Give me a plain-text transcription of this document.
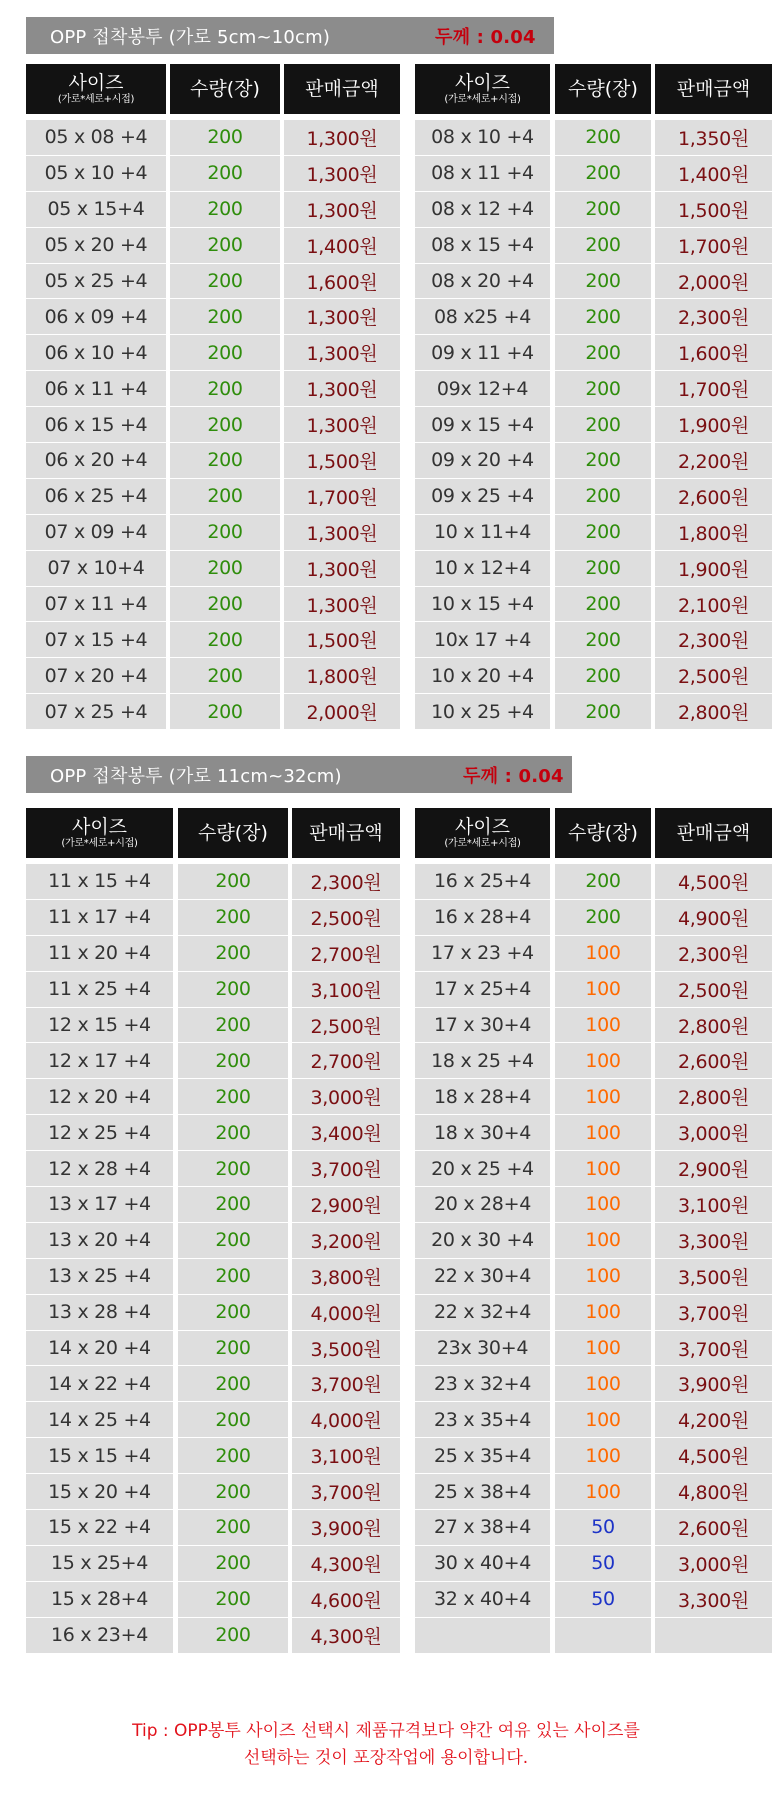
OPP 접착봉투 (가로 5cm~10cm)	두께 : 0.04
사이즈
(가로*세로+시접)
05 x 08 +4
05 x 10 +4
05 x 15+4
05 x 20 +4
05 x 25 +4
06 x 09 +4
06 x 10 +4
06 x 11 +4
06 x 15 +4
06 x 20 +4
06 x 25 +4
07 x 09 +4
07 x 10+4
07 x 11 +4
07 x 15 +4
07 x 20 +4
07 x 25 +4
수량(장)
200
200
200
200
200
200
200
200
200
200
200
200
200
200
200
200
200
판매금액
1,300원
1,300원
1,300원
1,400원
1,600원
1,300원
1,300원
1,300원
1,300원
1,500원
1,700원
1,300원
1,300원
1,300원
1,500원
1,800원
2,000원
사이즈
(가로*세로+시접)
08 x 10 +4
08 x 11 +4
08 x 12 +4
08 x 15 +4
08 x 20 +4
08 x25 +4
09 x 11 +4
09x 12+4
09 x 15 +4
09 x 20 +4
09 x 25 +4
10 x 11+4
10 x 12+4
10 x 15 +4
10x 17 +4
10 x 20 +4
10 x 25 +4
수량(장)
200
200
200
200
200
200
200
200
200
200
200
200
200
200
200
200
200
판매금액
1,350원
1,400원
1,500원
1,700원
2,000원
2,300원
1,600원
1,700원
1,900원
2,200원
2,600원
1,800원
1,900원
2,100원
2,300원
2,500원
2,800원
OPP 접착봉투 (가로 11cm~32cm)	두께 : 0.04
사이즈
(가로*세로+시접)
11 x 15 +4
11 x 17 +4
11 x 20 +4
11 x 25 +4
12 x 15 +4
12 x 17 +4
12 x 20 +4
12 x 25 +4
12 x 28 +4
13 x 17 +4
13 x 20 +4
13 x 25 +4
13 x 28 +4
14 x 20 +4
14 x 22 +4
14 x 25 +4
15 x 15 +4
15 x 20 +4
15 x 22 +4
15 x 25+4
15 x 28+4
16 x 23+4
수량(장)
200
200
200
200
200
200
200
200
200
200
200
200
200
200
200
200
200
200
200
200
200
200
판매금액
2,300원
2,500원
2,700원
3,100원
2,500원
2,700원
3,000원
3,400원
3,700원
2,900원
3,200원
3,800원
4,000원
3,500원
3,700원
4,000원
3,100원
3,700원
3,900원
4,300원
4,600원
4,300원
사이즈
(가로*세로+시접)
16 x 25+4
16 x 28+4
17 x 23 +4
17 x 25+4
17 x 30+4
18 x 25 +4
18 x 28+4
18 x 30+4
20 x 25 +4
20 x 28+4
20 x 30 +4
22 x 30+4
22 x 32+4
23x 30+4
23 x 32+4
23 x 35+4
25 x 35+4
25 x 38+4
27 x 38+4
30 x 40+4
32 x 40+4
수량(장)
200
200
100
100
100
100
100
100
100
100
100
100
100
100
100
100
100
100
50
50
50
판매금액
4,500원
4,900원
2,300원
2,500원
2,800원
2,600원
2,800원
3,000원
2,900원
3,100원
3,300원
3,500원
3,700원
3,700원
3,900원
4,200원
4,500원
4,800원
2,600원
3,000원
3,300원
Tip : OPP봉투 사이즈 선택시 제품규격보다 약간 여유 있는 사이즈를
선택하는 것이 포장작업에 용이합니다.
